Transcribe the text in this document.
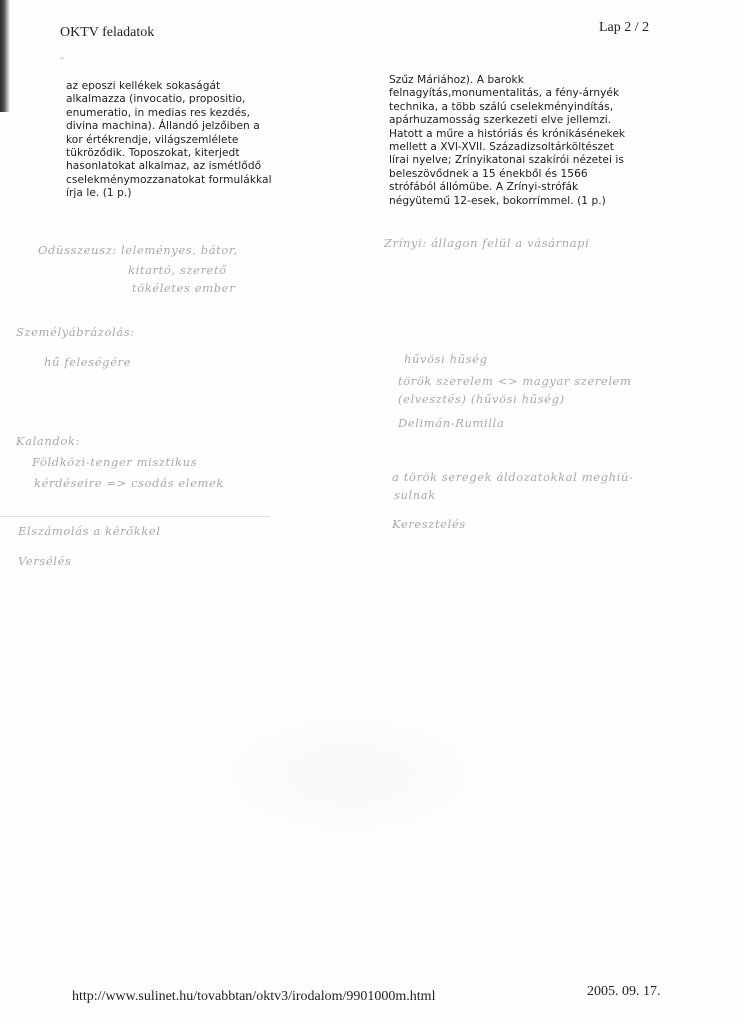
OKTV feladatok
-
Lap 2 / 2
az eposzi kellékek sokaságát
alkalmazza (invocatio, propositio,
enumeratio, in medias res kezdés,
divina machina). Állandó jelzőiben a
kor értékrendje, világszemlélete
tükröződik. Toposzokat, kiterjedt
hasonlatokat alkalmaz, az ismétlődő
cselekménymozzanatokat formulákkal
írja le. (1 p.)
Szűz Máriához). A barokk
felnagyítás,monumentalitás, a fény-árnyék
technika, a több szálú cselekményindítás,
apárhuzamosság szerkezeti elve jellemzi.
Hatott a műre a históriás és krónikásénekek
mellett a XVI-XVII. Századizsoltárköltészet
lírai nyelve; Zrínyikatonai szakírói nézetei is
beleszövődnek a 15 énekből és 1566
strófából állómübe. A Zrínyi-strófák
négyütemű 12-esek, bokorrímmel. (1 p.)
Odüsszeusz: leleményes, bátor,
kitartó, szerető
tökéletes ember
Személyábrázolás:
hű feleségére
Kalandok:
Földközi-tenger misztikus
kérdéseire => csodás elemek
Elszámolás a kérőkkel
Versélés
Zrínyi: állagon felül a vásárnapi
hűvösi hűség
török szerelem <> magyar szerelem
(elvesztés) (hűvösi hűség)
Delimán-Rumilla
a török seregek áldozatokkal meghiú-
sulnak
Keresztelés
http://www.sulinet.hu/tovabbtan/oktv3/irodalom/9901000m.html	2005. 09. 17.
